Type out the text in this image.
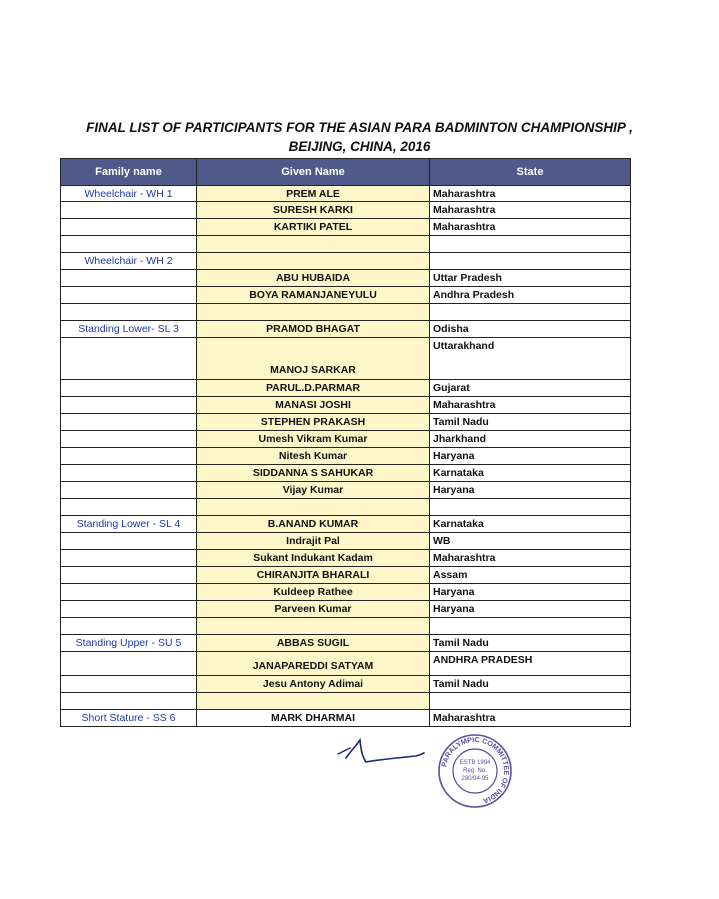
FINAL LIST OF PARTICIPANTS FOR THE ASIAN PARA BADMINTON CHAMPIONSHIP ,

BEIJING, CHINA, 2016

Family name	Given Name	State
Wheelchair - WH 1	PREM ALE	Maharashtra
	SURESH KARKI	Maharashtra
	KARTIKI PATEL	Maharashtra

Wheelchair - WH 2		
	ABU HUBAIDA	Uttar Pradesh
	BOYA RAMANJANEYULU	Andhra Pradesh

Standing Lower- SL 3	PRAMOD BHAGAT	Odisha
	MANOJ SARKAR	Uttarakhand
	PARUL.D.PARMAR	Gujarat
	MANASI JOSHI	Maharashtra
	STEPHEN PRAKASH	Tamil Nadu
	Umesh Vikram Kumar	Jharkhand
	Nitesh Kumar	Haryana
	SIDDANNA S SAHUKAR	Karnataka
	Vijay Kumar	Haryana

Standing Lower - SL 4	B.ANAND KUMAR	Karnataka
	Indrajit Pal	WB
	Sukant Indukant Kadam	Maharashtra
	CHIRANJITA BHARALI	Assam
	Kuldeep Rathee	Haryana
	Parveen Kumar	Haryana

Standing Upper - SU 5	ABBAS SUGIL	Tamil Nadu
	JANAPAREDDI SATYAM	ANDHRA PRADESH
	Jesu Antony Adimai	Tamil Nadu

Short Stature - SS 6	MARK DHARMAI	Maharashtra
PARALYMPIC COMMITTEE OF INDIA
ESTB 1994
Reg. No.
280/94-95
